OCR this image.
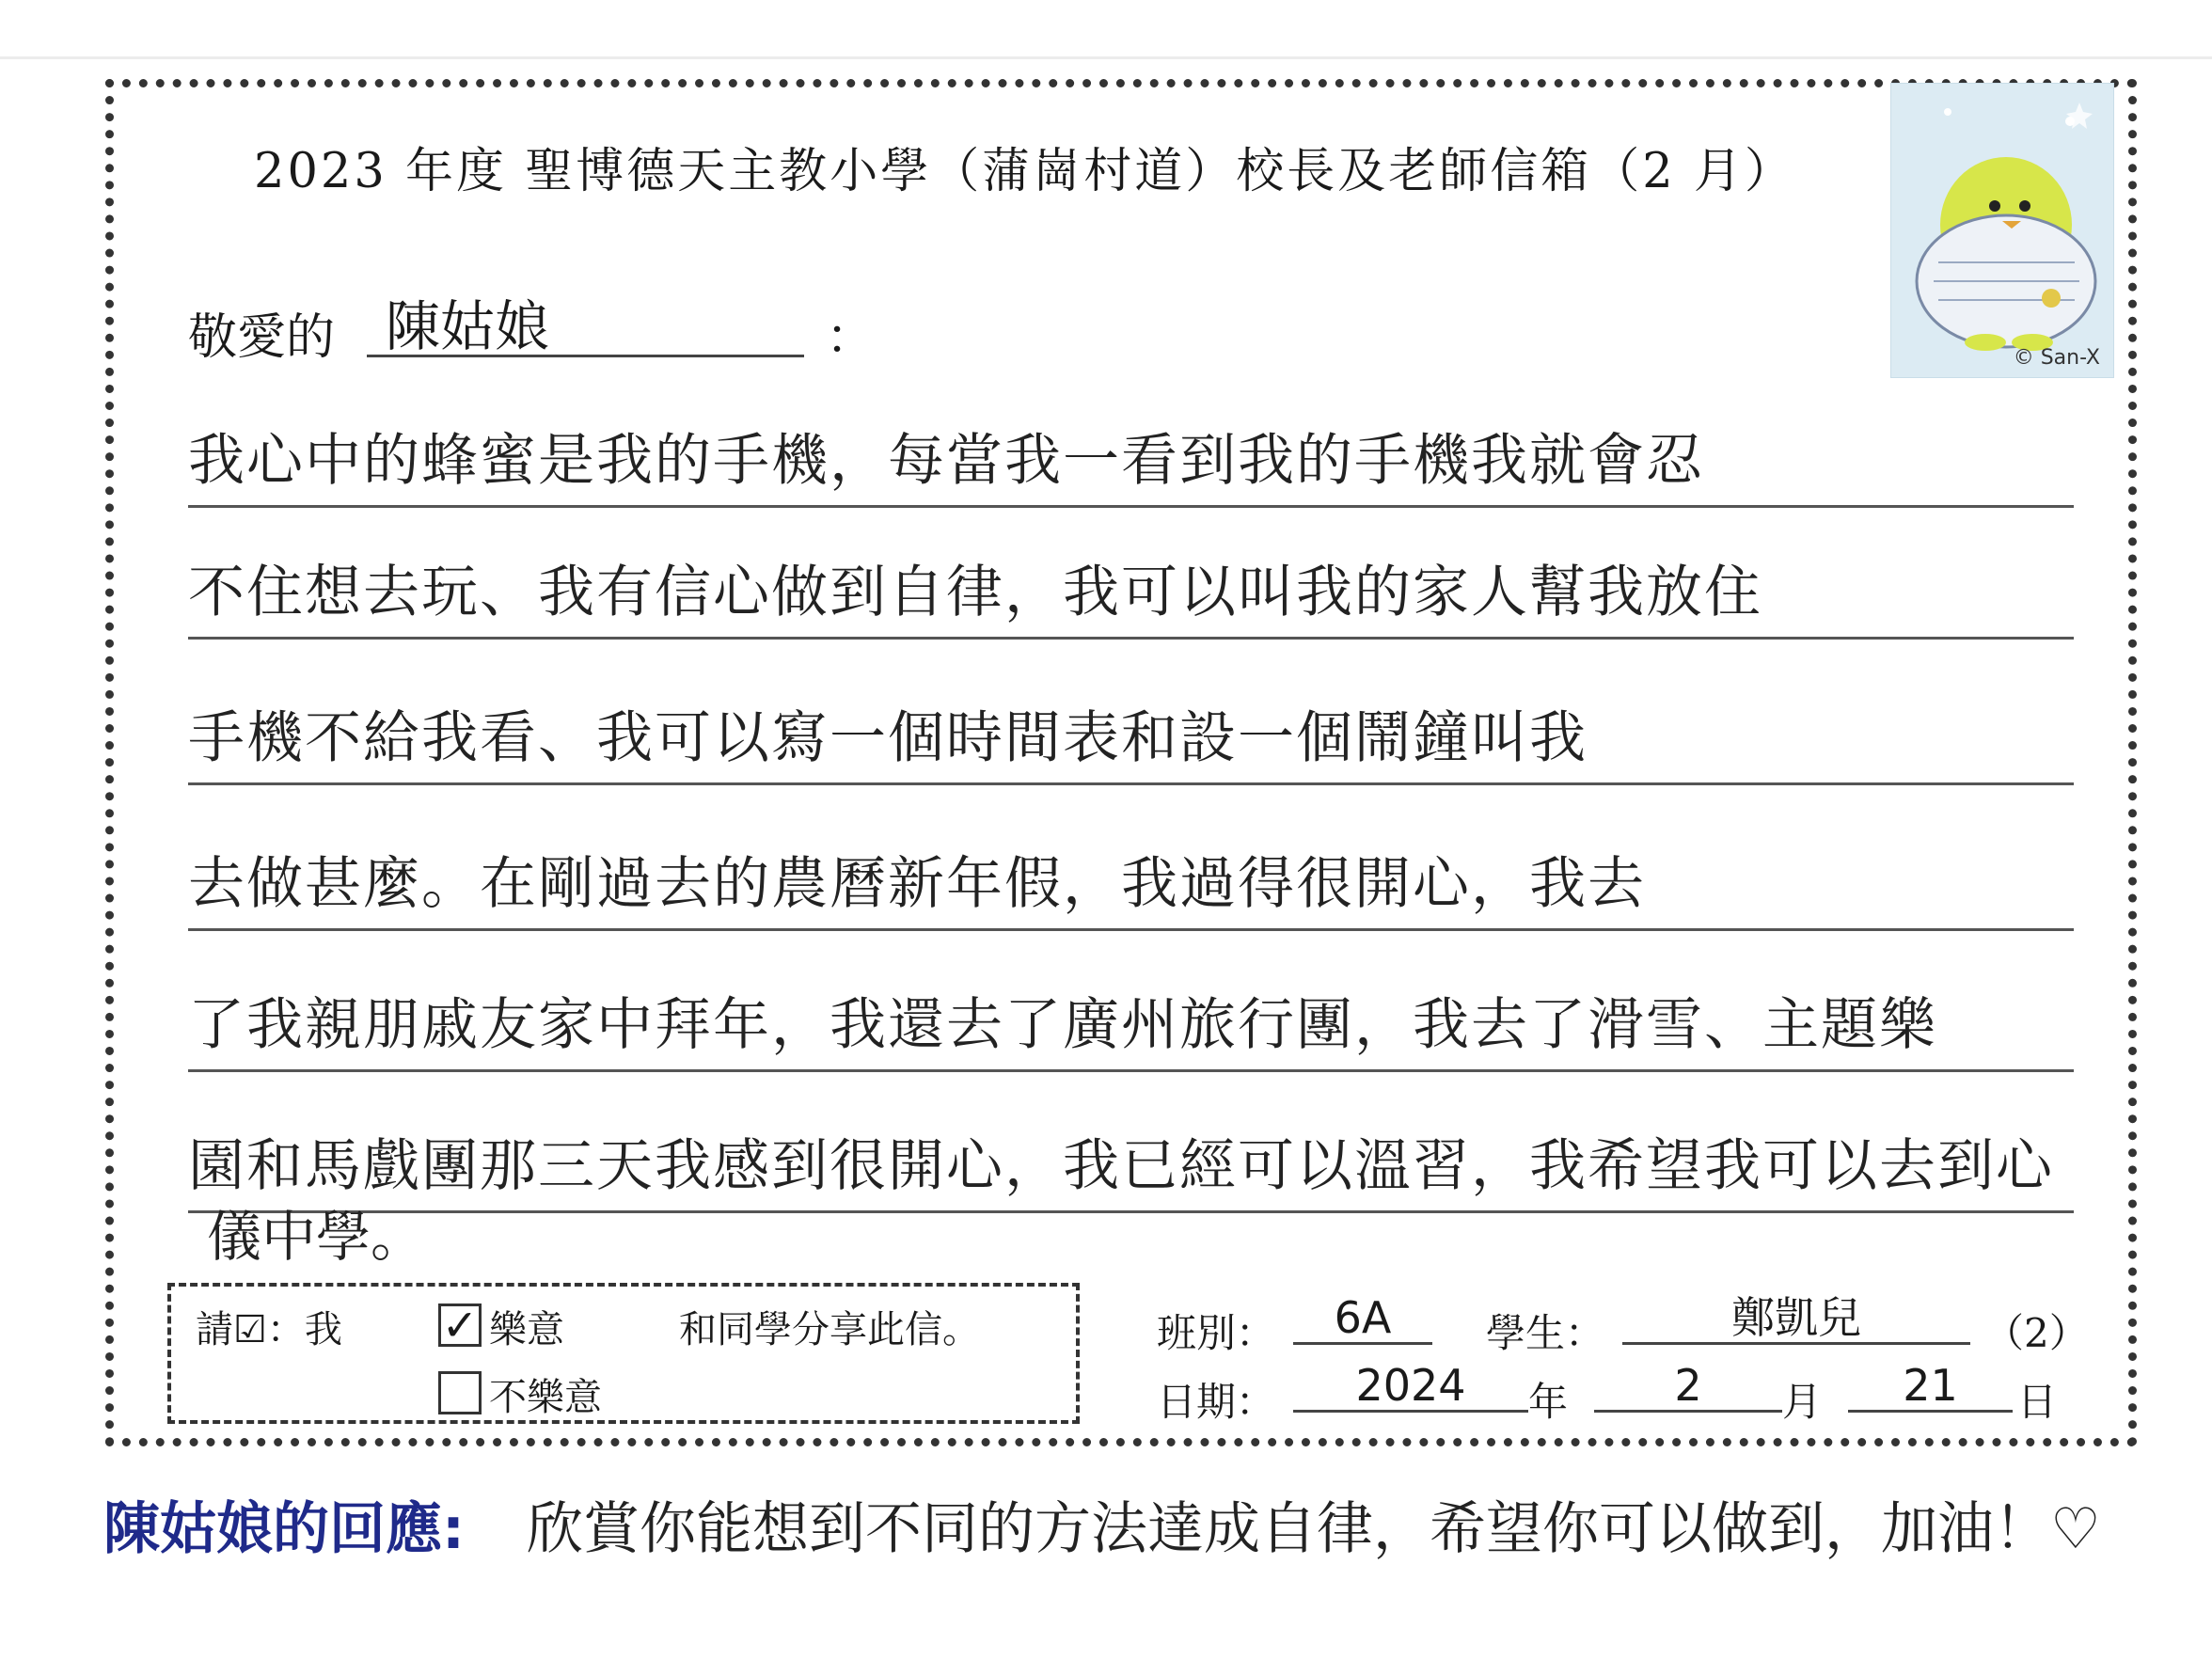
2023 年度 聖博德天主教小學（蒲崗村道）校長及老師信箱（2 月）
© San-X
敬愛的 陳姑娘	：
我心中的蜂蜜是我的手機，每當我一看到我的手機我就會忍
不住想去玩、我有信心做到自律，我可以叫我的家人幫我放住
手機不給我看、我可以寫一個時間表和設一個鬧鐘叫我
去做甚麼。在剛過去的農曆新年假，我過得很開心，我去
了我親朋戚友家中拜年，我還去了廣州旅行團，我去了滑雪、主題樂
園和馬戲團那三天我感到很開心，我已經可以溫習，我希望我可以去到心
儀中學。
請☑：我 ✓ 樂意
不樂意
和同學分享此信。	班別：	6A	學生：	鄭凱兒	（2）
日期：	2024	年	2	月	21	日
陳姑娘的回應: 欣賞你能想到不同的方法達成自律，希望你可以做到，加油！♡
